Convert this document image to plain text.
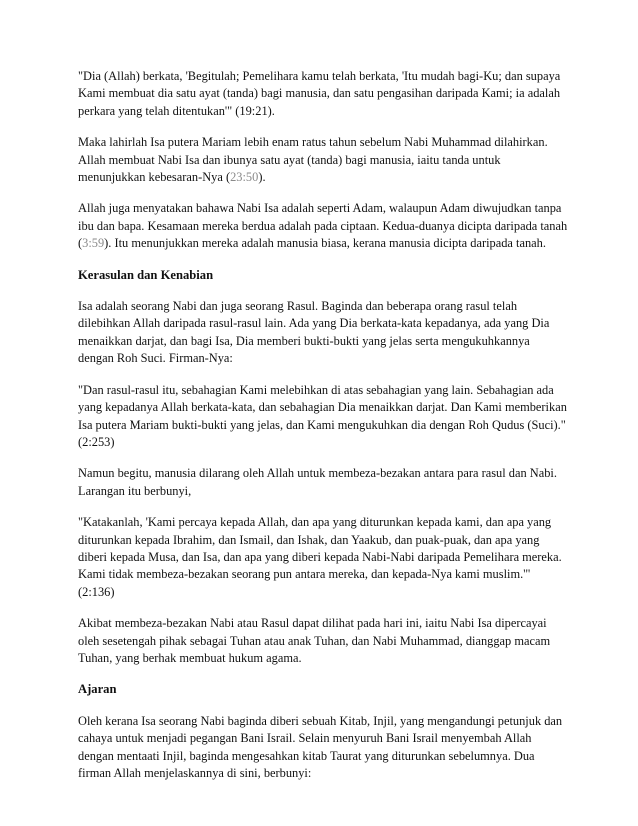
"Dia (Allah) berkata, 'Begitulah; Pemelihara kamu telah berkata, 'Itu mudah bagi-Ku; dan supaya Kami membuat dia satu ayat (tanda) bagi manusia, dan satu pengasihan daripada Kami; ia adalah perkara yang telah ditentukan'" (19:21).

Maka lahirlah Isa putera Mariam lebih enam ratus tahun sebelum Nabi Muhammad dilahirkan. Allah membuat Nabi Isa dan ibunya satu ayat (tanda) bagi manusia, iaitu tanda untuk menunjukkan kebesaran-Nya (23:50).

Allah juga menyatakan bahawa Nabi Isa adalah seperti Adam, walaupun Adam diwujudkan tanpa ibu dan bapa. Kesamaan mereka berdua adalah pada ciptaan. Kedua-duanya dicipta daripada tanah (3:59). Itu menunjukkan mereka adalah manusia biasa, kerana manusia dicipta daripada tanah.

Kerasulan dan Kenabian

Isa adalah seorang Nabi dan juga seorang Rasul. Baginda dan beberapa orang rasul telah dilebihkan Allah daripada rasul-rasul lain. Ada yang Dia berkata-kata kepadanya, ada yang Dia menaikkan darjat, dan bagi Isa, Dia memberi bukti-bukti yang jelas serta mengukuhkannya dengan Roh Suci. Firman-Nya:

"Dan rasul-rasul itu, sebahagian Kami melebihkan di atas sebahagian yang lain. Sebahagian ada yang kepadanya Allah berkata-kata, dan sebahagian Dia menaikkan darjat. Dan Kami memberikan Isa putera Mariam bukti-bukti yang jelas, dan Kami mengukuhkan dia dengan Roh Qudus (Suci)." (2:253)

Namun begitu, manusia dilarang oleh Allah untuk membeza-bezakan antara para rasul dan Nabi. Larangan itu berbunyi,

"Katakanlah, 'Kami percaya kepada Allah, dan apa yang diturunkan kepada kami, dan apa yang diturunkan kepada Ibrahim, dan Ismail, dan Ishak, dan Yaakub, dan puak-puak, dan apa yang diberi kepada Musa, dan Isa, dan apa yang diberi kepada Nabi-Nabi daripada Pemelihara mereka. Kami tidak membeza-bezakan seorang pun antara mereka, dan kepada-Nya kami muslim.'" (2:136)

Akibat membeza-bezakan Nabi atau Rasul dapat dilihat pada hari ini, iaitu Nabi Isa dipercayai oleh sesetengah pihak sebagai Tuhan atau anak Tuhan, dan Nabi Muhammad, dianggap macam Tuhan, yang berhak membuat hukum agama.

Ajaran

Oleh kerana Isa seorang Nabi baginda diberi sebuah Kitab, Injil, yang mengandungi petunjuk dan cahaya untuk menjadi pegangan Bani Israil. Selain menyuruh Bani Israil menyembah Allah dengan mentaati Injil, baginda mengesahkan kitab Taurat yang diturunkan sebelumnya. Dua firman Allah menjelaskannya di sini, berbunyi:
